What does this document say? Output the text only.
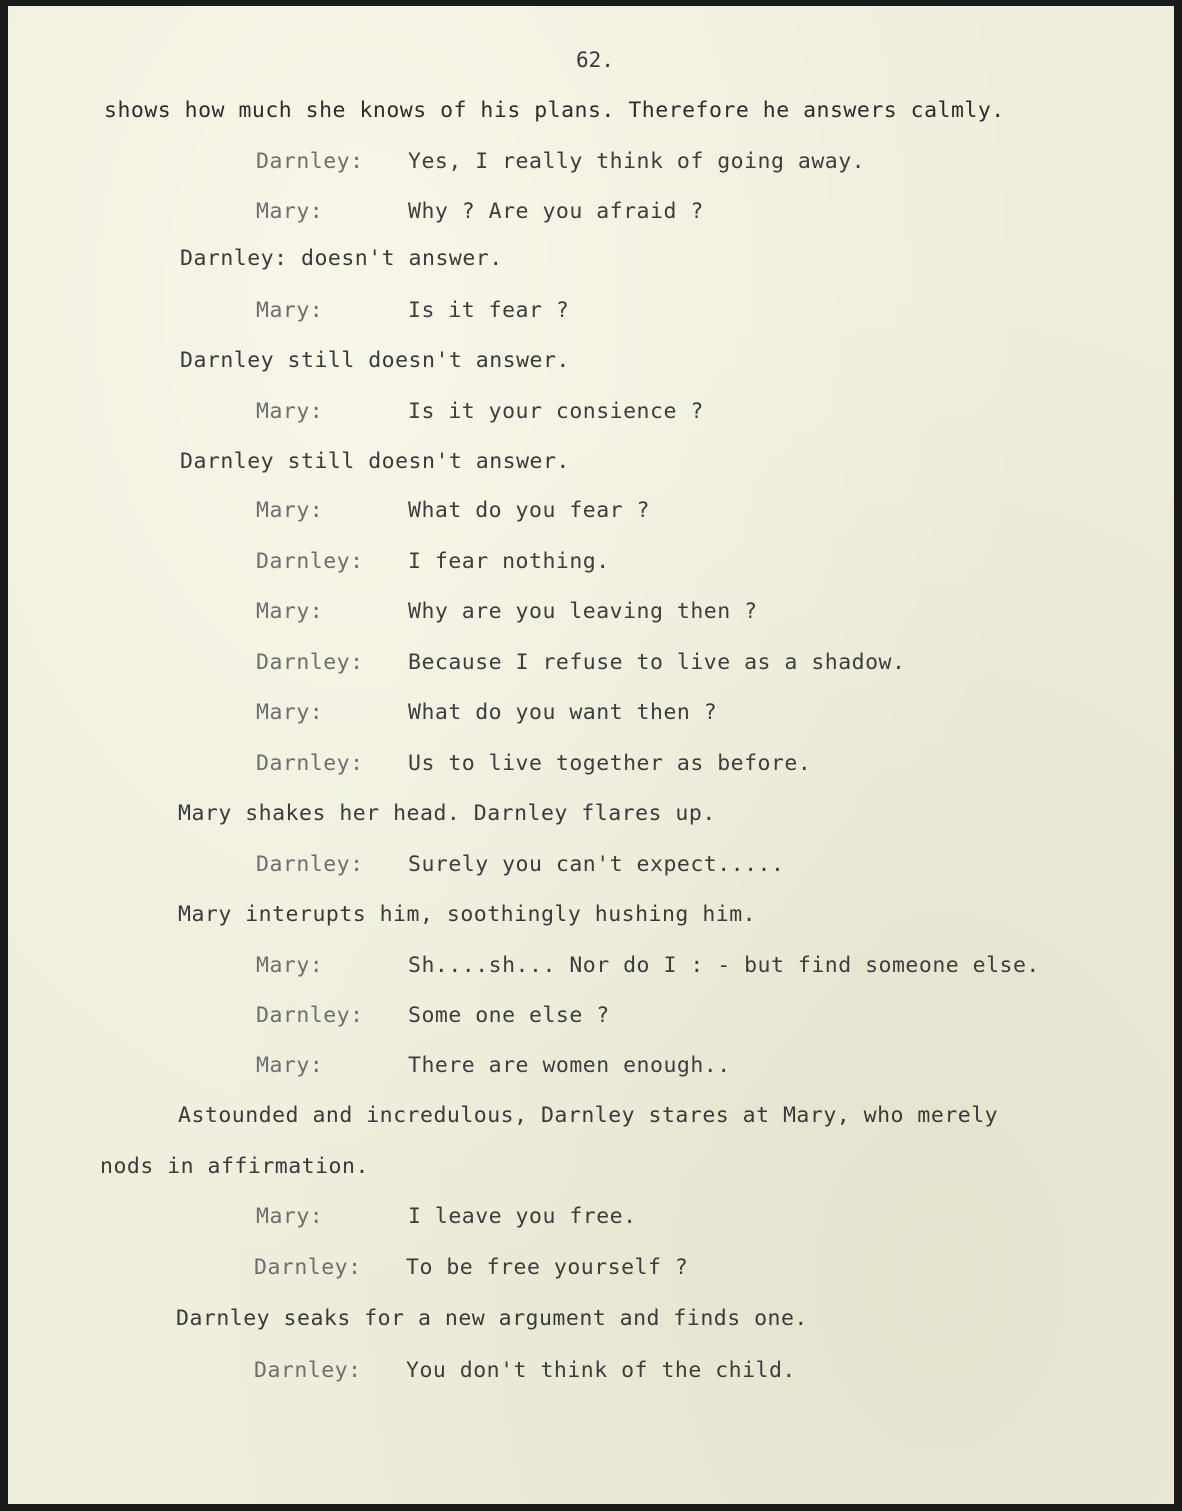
62.

shows how much she knows of his plans. Therefore he answers calmly.

Darnley: Yes, I really think of going away.

Mary:	Why ? Are you afraid ?

Darnley: doesn't answer.

Mary:	Is it fear ?

Darnley still doesn't answer.

Mary:	Is it your consience ?

Darnley still doesn't answer.

Mary:	What do you fear ?

Darnley: I fear nothing.

Mary:	Why are you leaving then ?

Darnley: Because I refuse to live as a shadow.

Mary:	What do you want then ?

Darnley: Us to live together as before.

Mary shakes her head. Darnley flares up.

Darnley: Surely you can't expect.....

Mary interupts him, soothingly hushing him.

Mary:	Sh....sh... Nor do I : - but find someone else.

Darnley: Some one else ?

Mary:	There are women enough..

Astounded and incredulous, Darnley stares at Mary, who merely

nods in affirmation.

Mary:	I leave you free.

Darnley: To be free yourself ?

Darnley seaks for a new argument and finds one.

Darnley: You don't think of the child.
